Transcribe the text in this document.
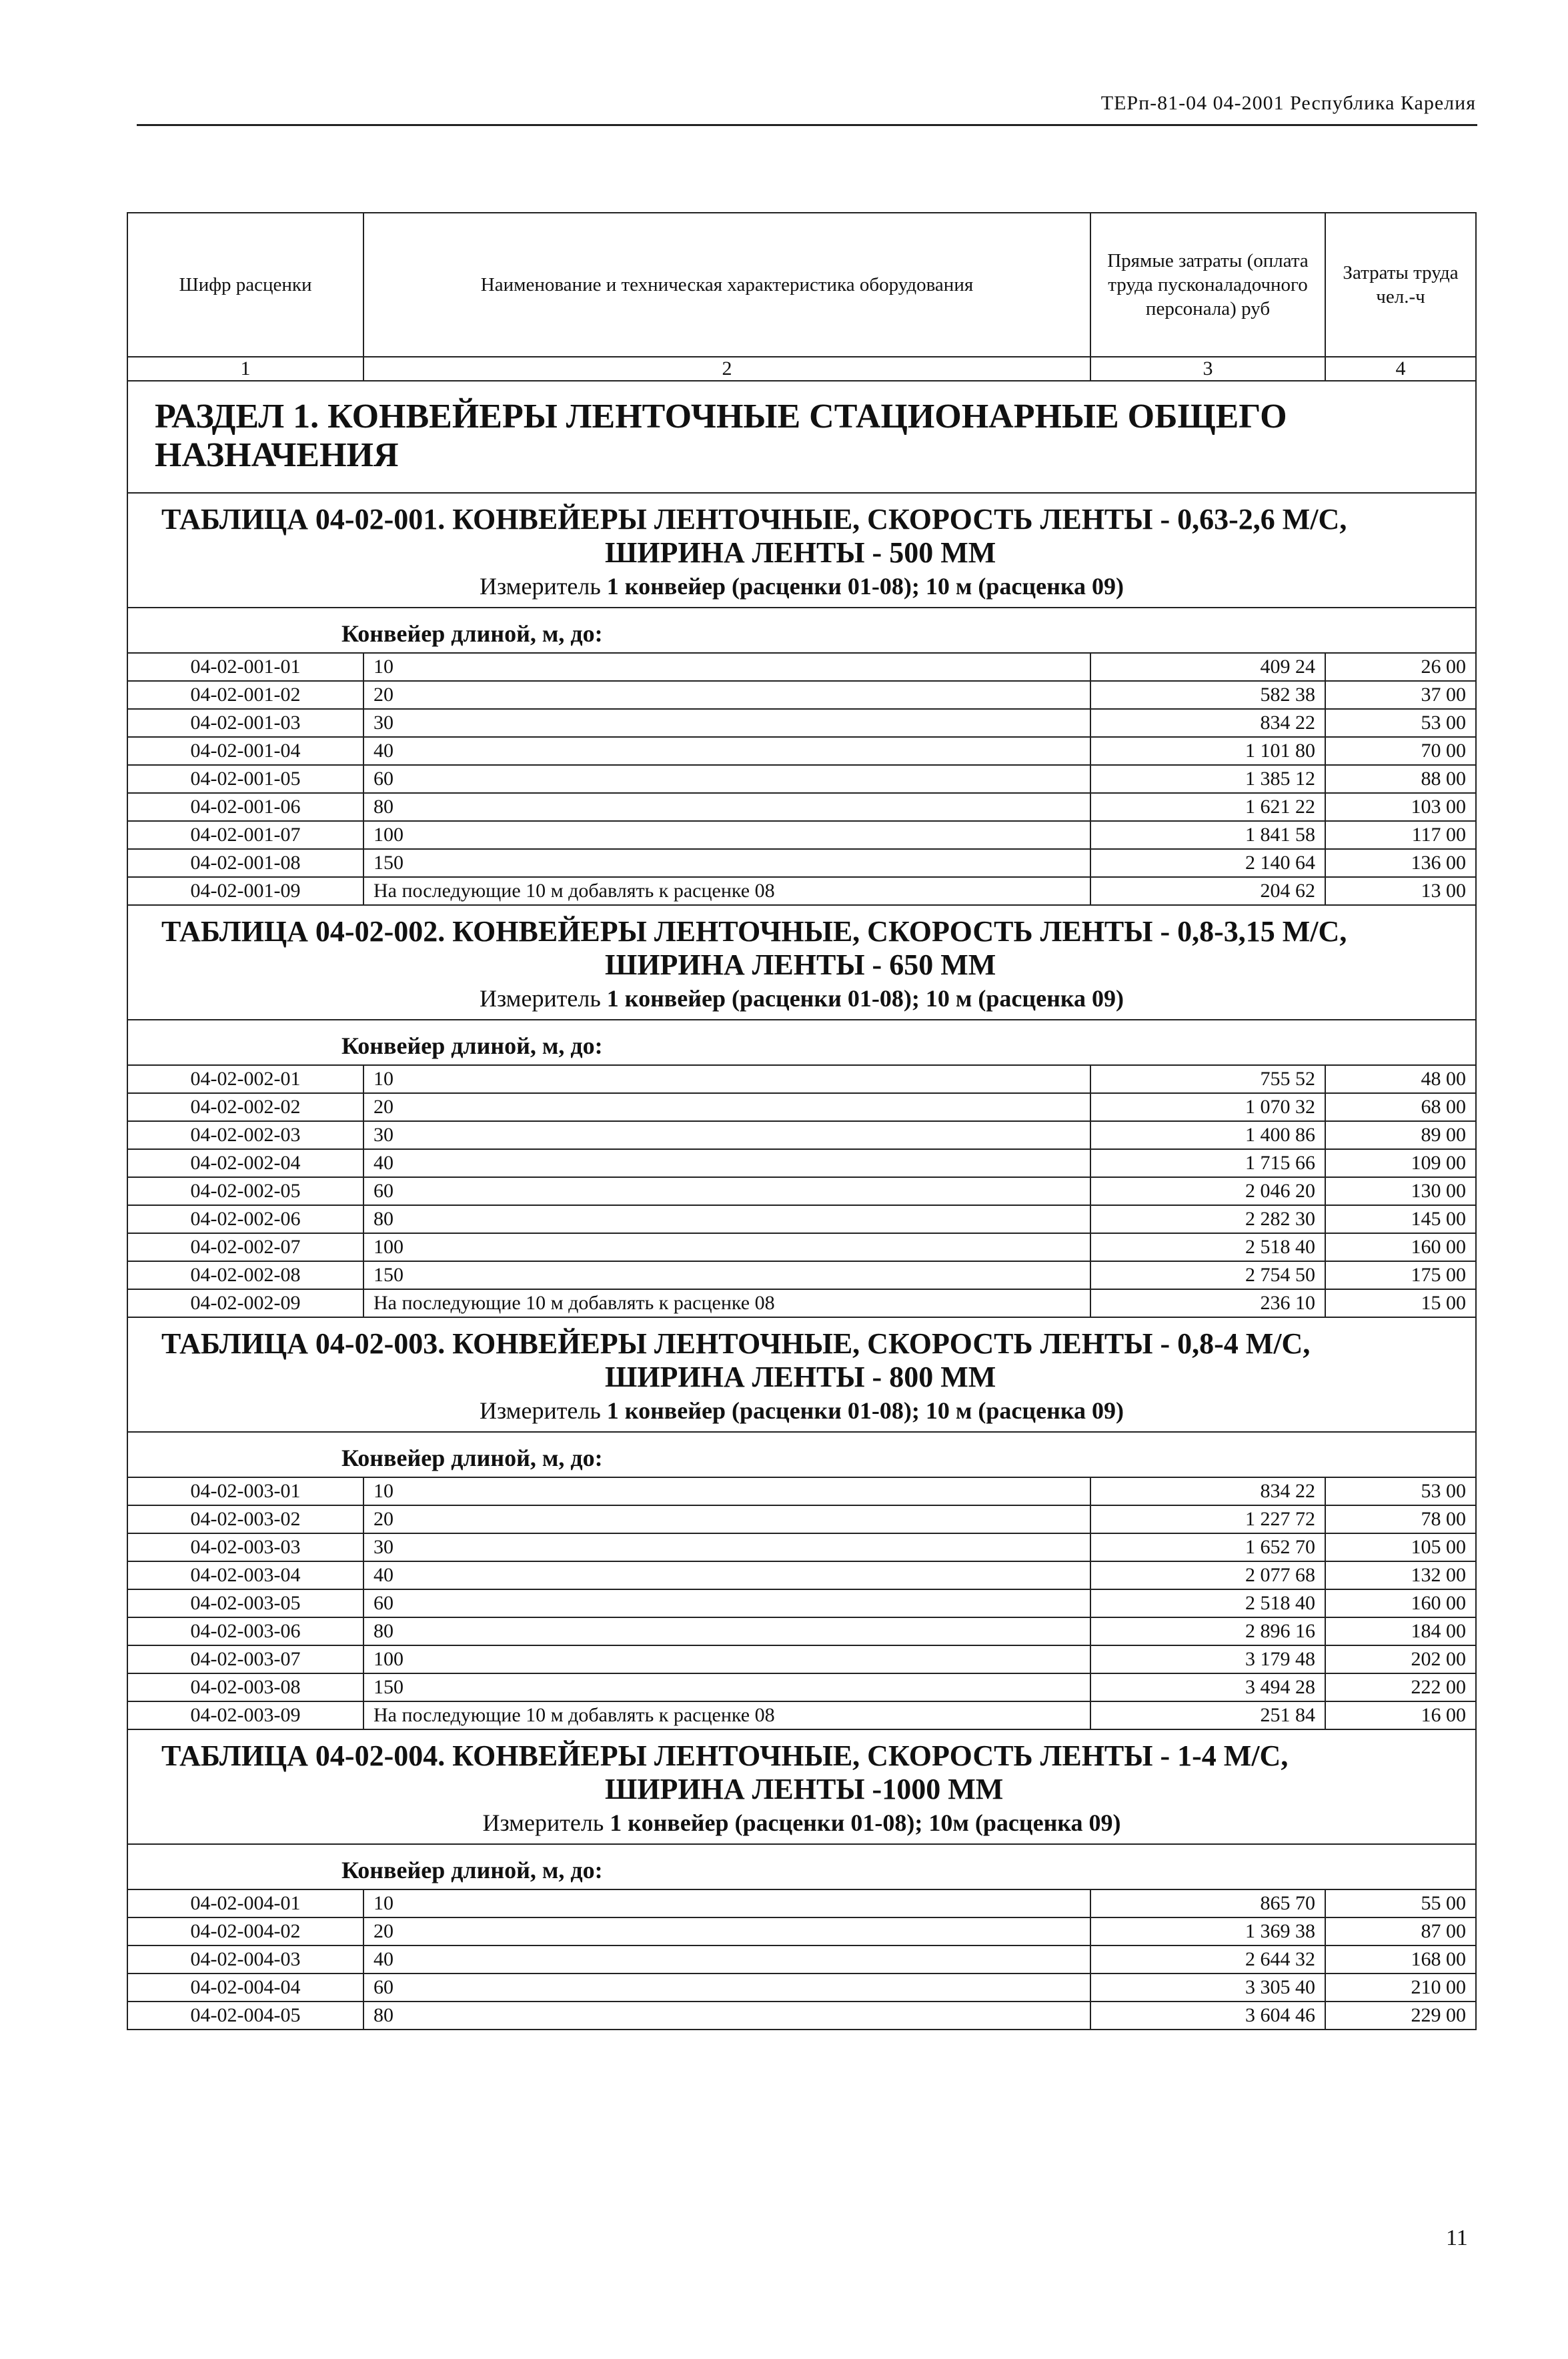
ТЕРп-81-04 04-2001 Республика Карелия
Шифр расценки	Наименование и техническая характеристика оборудования	Прямые затраты (оплата труда пусконаладочного персонала) руб	Затраты труда чел.-ч
1	2	3	4
РАЗДЕЛ 1. КОНВЕЙЕРЫ ЛЕНТОЧНЫЕ СТАЦИОНАРНЫЕ ОБЩЕГО НАЗНАЧЕНИЯ			
ТАБЛИЦА 04-02-001. КОНВЕЙЕРЫ ЛЕНТОЧНЫЕ, СКОРОСТЬ ЛЕНТЫ - 0,63-2,6 М/С,
ШИРИНА ЛЕНТЫ - 500 ММ			

Измеритель 1 конвейер (расценки 01-08); 10 м (расценка 09)			
Конвейер длиной, м, до:			
04-02-001-01	10	409 24	26 00
04-02-001-02	20	582 38	37 00
04-02-001-03	30	834 22	53 00
04-02-001-04	40	1 101 80	70 00
04-02-001-05	60	1 385 12	88 00
04-02-001-06	80	1 621 22	103 00
04-02-001-07	100	1 841 58	117 00
04-02-001-08	150	2 140 64	136 00
04-02-001-09	На последующие 10 м добавлять к расценке 08	204 62	13 00
ТАБЛИЦА 04-02-002. КОНВЕЙЕРЫ ЛЕНТОЧНЫЕ, СКОРОСТЬ ЛЕНТЫ - 0,8-3,15 М/С,
ШИРИНА ЛЕНТЫ - 650 ММ			

Измеритель 1 конвейер (расценки 01-08); 10 м (расценка 09)			
Конвейер длиной, м, до:			
04-02-002-01	10	755 52	48 00
04-02-002-02	20	1 070 32	68 00
04-02-002-03	30	1 400 86	89 00
04-02-002-04	40	1 715 66	109 00
04-02-002-05	60	2 046 20	130 00
04-02-002-06	80	2 282 30	145 00
04-02-002-07	100	2 518 40	160 00
04-02-002-08	150	2 754 50	175 00
04-02-002-09	На последующие 10 м добавлять к расценке 08	236 10	15 00
ТАБЛИЦА 04-02-003. КОНВЕЙЕРЫ ЛЕНТОЧНЫЕ, СКОРОСТЬ ЛЕНТЫ - 0,8-4 М/С,
ШИРИНА ЛЕНТЫ - 800 ММ			

Измеритель 1 конвейер (расценки 01-08); 10 м (расценка 09)			
Конвейер длиной, м, до:			
04-02-003-01	10	834 22	53 00
04-02-003-02	20	1 227 72	78 00
04-02-003-03	30	1 652 70	105 00
04-02-003-04	40	2 077 68	132 00
04-02-003-05	60	2 518 40	160 00
04-02-003-06	80	2 896 16	184 00
04-02-003-07	100	3 179 48	202 00
04-02-003-08	150	3 494 28	222 00
04-02-003-09	На последующие 10 м добавлять к расценке 08	251 84	16 00
ТАБЛИЦА 04-02-004. КОНВЕЙЕРЫ ЛЕНТОЧНЫЕ, СКОРОСТЬ ЛЕНТЫ - 1-4 М/С,
ШИРИНА ЛЕНТЫ -1000 ММ			

Измеритель 1 конвейер (расценки 01-08); 10м (расценка 09)			
Конвейер длиной, м, до:			
04-02-004-01	10	865 70	55 00
04-02-004-02	20	1 369 38	87 00
04-02-004-03	40	2 644 32	168 00
04-02-004-04	60	3 305 40	210 00
04-02-004-05	80	3 604 46	229 00
11
